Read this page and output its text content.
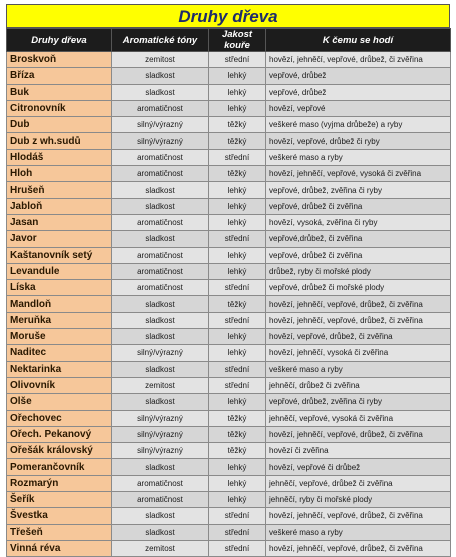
Druhy dřeva
Druhy dřeva	Aromatické tóny	Jakost kouře	K čemu se hodí
Broskvoň	zemitost	střední	hovězí, jehněčí, vepřové, drůbež, či zvěřina
Bříza	sladkost	lehký	vepřové, drůbež
Buk	sladkost	lehký	vepřové, drůbež
Citronovník	aromatičnost	lehký	hovězí, vepřové
Dub	silný/výrazný	těžký	veškeré maso (vyjma drůbeže) a ryby
Dub z wh.sudů	silný/výrazný	těžký	hovězí, vepřové, drůbež či ryby
Hlodáš	aromatičnost	střední	veškeré maso a ryby
Hloh	aromatičnost	těžký	hovězí, jehněčí, vepřové, vysoká či zvěřina
Hrušeň	sladkost	lehký	vepřové, drůbež, zvěřina či ryby
Jabloň	sladkost	lehký	vepřové, drůbež či zvěřina
Jasan	aromatičnost	lehký	hovězí, vysoká, zvěřina či ryby
Javor	sladkost	střední	vepřové,drůbež, či zvěřina
Kaštanovník setý	aromatičnost	lehký	vepřové, drůbež či zvěřina
Levandule	aromatičnost	lehký	drůbež, ryby či mořské plody
Líska	aromatičnost	střední	vepřové, drůbež či mořské plody
Mandloň	sladkost	těžký	hovězí, jehněčí, vepřové, drůbež, či zvěřina
Meruňka	sladkost	střední	hovězí, jehněčí, vepřové, drůbež, či zvěřina
Moruše	sladkost	lehký	hovězí, vepřové, drůbež, či zvěřina
Naditec	silný/výrazný	lehký	hovězí, jehněčí, vysoká či zvěřina
Nektarinka	sladkost	střední	veškeré maso a ryby
Olivovník	zemitost	střední	jehněčí, drůbež či zvěřina
Olše	sladkost	lehký	vepřové, drůbež, zvěřina či ryby
Ořechovec	silný/výrazný	těžký	jehněčí, vepřové, vysoká či zvěřina
Ořech. Pekanový	silný/výrazný	těžký	hovězí, jehněčí, vepřové, drůbež, či zvěřina
Ořešák královský	silný/výrazný	těžký	hovězí či zvěřina
Pomerančovník	sladkost	lehký	hovězí, vepřové či drůbež
Rozmarýn	aromatičnost	lehký	jehněčí, vepřové, drůbež či zvěřina
Šeřík	aromatičnost	lehký	jehněčí, ryby či mořské plody
Švestka	sladkost	střední	hovězí, jehněčí, vepřové, drůbež, či zvěřina
Třešeň	sladkost	střední	veškeré maso a ryby
Vinná réva	zemitost	střední	hovězí, jehněčí, vepřové, drůbež, či zvěřina
